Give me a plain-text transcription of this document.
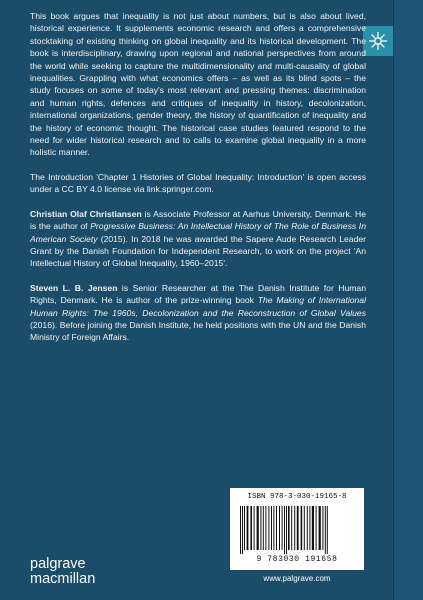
This book argues that inequality is not just about numbers, but is also about lived, historical experience. It supplements economic research and offers a comprehensive stocktaking of existing thinking on global inequality and its historical development. The book is interdisciplinary, drawing upon regional and national perspectives from around the world while seeking to capture the multidimensionality and multi-causality of global inequalities. Grappling with what economics offers – as well as its blind spots – the study focuses on some of today's most relevant and pressing themes: discrimination and human rights, defences and critiques of inequality in history, decolonization, international organizations, gender theory, the history of quantification of inequality and the history of economic thought. The historical case studies featured respond to the need for wider historical research and to calls to examine global inequality in a more holistic manner.

The Introduction 'Chapter 1 Histories of Global Inequality: Introduction' is open access under a CC BY 4.0 license via link.springer.com.

Christian Olaf Christiansen is Associate Professor at Aarhus University, Denmark. He is the author of Progressive Business: An Intellectual History of The Role of Business In American Society (2015). In 2018 he was awarded the Sapere Aude Research Leader Grant by the Danish Foundation for Independent Research, to work on the project 'An Intellectual History of Global Inequality, 1960–2015'.

Steven L. B. Jensen is Senior Researcher at the The Danish Institute for Human Rights, Denmark. He is author of the prize-winning book The Making of International Human Rights: The 1960s, Decolonization and the Reconstruction of Global Values (2016). Before joining the Danish Institute, he held positions with the UN and the Danish Ministry of Foreign Affairs.

ISBN 978-3-030-19165-8
9 783030 191658
www.palgrave.com
palgrave
macmillan
